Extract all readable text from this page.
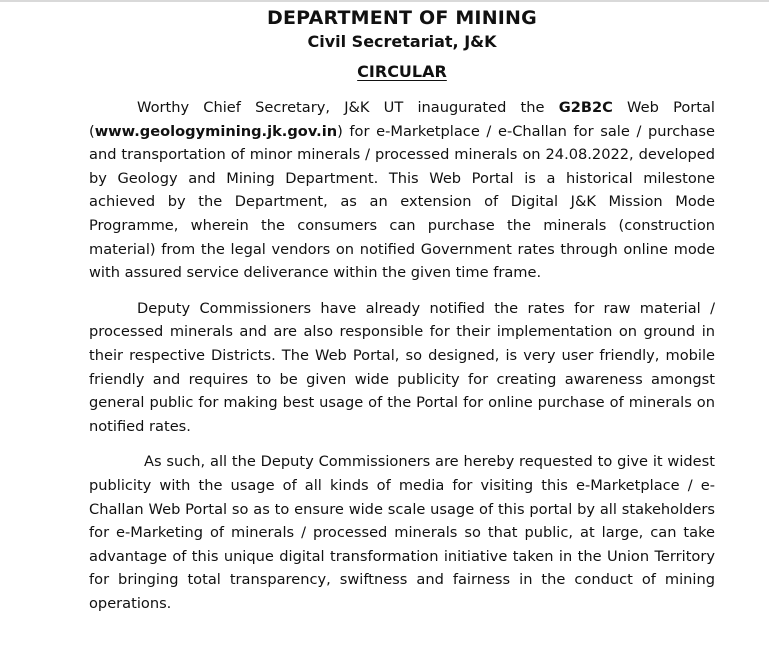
DEPARTMENT OF MINING
Civil Secretariat, J&K
CIRCULAR

Worthy Chief Secretary, J&K UT inaugurated the G2B2C Web Portal (www.geologymining.jk.gov.in) for e-Marketplace / e-Challan for sale / purchase and transportation of minor minerals / processed minerals on 24.08.2022, developed by Geology and Mining Department. This Web Portal is a historical milestone achieved by the Department, as an extension of Digital J&K Mission Mode Programme, wherein the consumers can purchase the minerals (construction material) from the legal vendors on notified Government rates through online mode with assured service deliverance within the given time frame.

Deputy Commissioners have already notified the rates for raw material / processed minerals and are also responsible for their implementation on ground in their respective Districts. The Web Portal, so designed, is very user friendly, mobile friendly and requires to be given wide publicity for creating awareness amongst general public for making best usage of the Portal for online purchase of minerals on notified rates.

As such, all the Deputy Commissioners are hereby requested to give it widest publicity with the usage of all kinds of media for visiting this e-Marketplace / e-Challan Web Portal so as to ensure wide scale usage of this portal by all stakeholders for e-Marketing of minerals / processed minerals so that public, at large, can take advantage of this unique digital transformation initiative taken in the Union Territory for bringing total transparency, swiftness and fairness in the conduct of mining operations.
